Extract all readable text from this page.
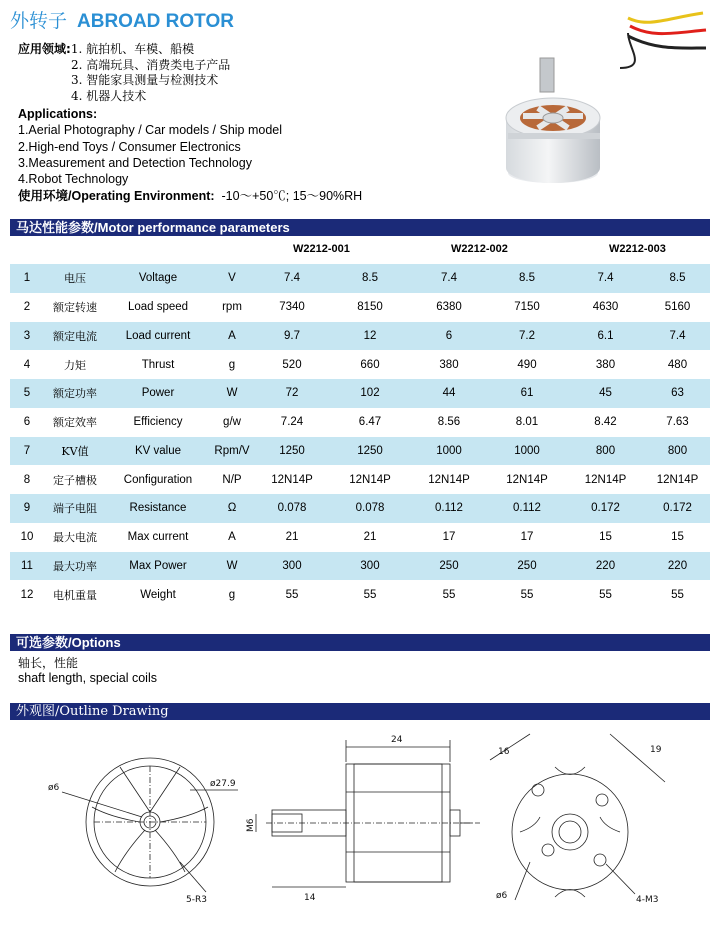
外转子 ABROAD ROTOR
应用领域:1. 航拍机、车模、船模
2. 高端玩具、消费类电子产品
3. 智能家具测量与检测技术
4. 机器人技术
Applications:
1.Aerial Photography / Car models / Ship model
2.High-end Toys / Consumer Electronics
3.Measurement and Detection Technology
4.Robot Technology
使用环境/Operating Environment: -10～+50℃; 15～90%RH
马达性能参数/Motor performance parameters
W2212-001	W2212-002	W2212-003
1	电压	Voltage	V	7.4	8.5	7.4	8.5	7.4	8.5
2	额定转速	Load speed	rpm	7340	8150	6380	7150	4630	5160
3	额定电流	Load current	A	9.7	12	6	7.2	6.1	7.4
4	力矩	Thrust	g	520	660	380	490	380	480
5	额定功率	Power	W	72	102	44	61	45	63
6	额定效率	Efficiency	g/w	7.24	6.47	8.56	8.01	8.42	7.63
7	KV值	KV value	Rpm/V	1250	1250	1000	1000	800	800
8	定子槽极	Configuration	N/P	12N14P	12N14P	12N14P	12N14P	12N14P	12N14P
9	端子电阻	Resistance	Ω	0.078	0.078	0.112	0.112	0.172	0.172
10	最大电流	Max current	A	21	21	17	17	15	15
11	最大功率	Max Power	W	300	300	250	250	220	220
12	电机重量	Weight	g	55	55	55	55	55	55
可选参数/Options
轴长，性能
shaft length, special coils
外观图/Outline Drawing
ø6	ø27.9
5-R3
24
M6
14
16	19
ø6	4-M3
